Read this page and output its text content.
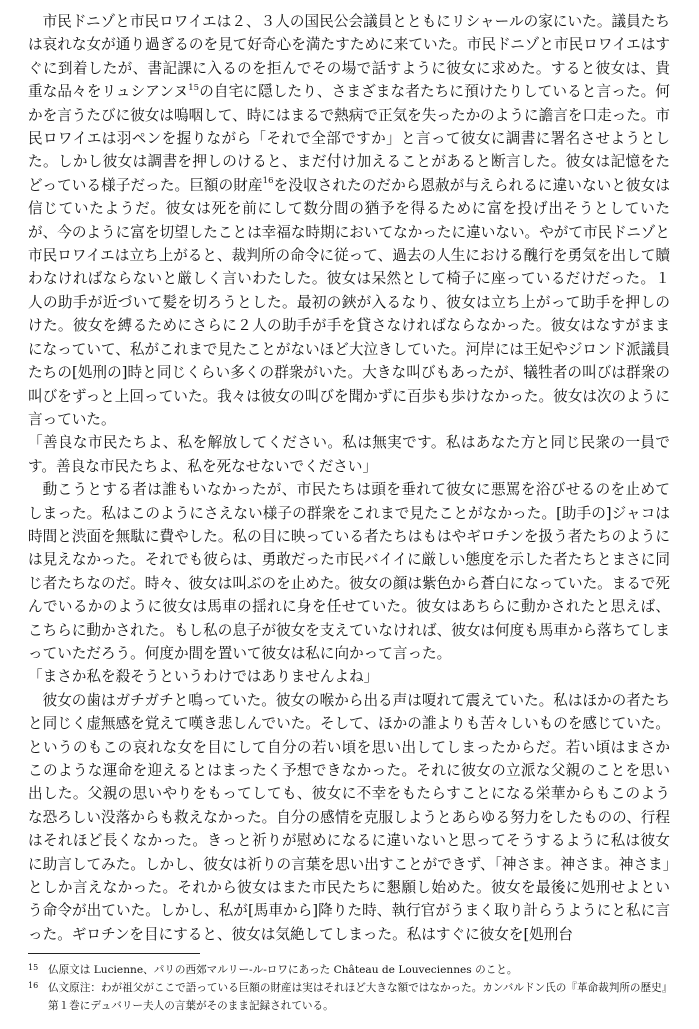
市民ドニゾと市民ロワイエは２、３人の国民公会議員とともにリシャールの家にいた。議員たちは哀れな女が通り過ぎるのを見て好奇心を満たすために来ていた。市民ドニゾと市民ロワイエはすぐに到着したが、書記課に入るのを拒んでその場で話すように彼女に求めた。すると彼女は、貴重な品々をリュシアンヌ$^{15}$の自宅に隠したり、さまざまな者たちに預けたりしていると言った。何かを言うたびに彼女は嗚咽して、時にはまるで熱病で正気を失ったかのように譫言を口走った。市民ロワイエは羽ペンを握りながら「それで全部ですか」と言って彼女に調書に署名させようとした。しかし彼女は調書を押しのけると、まだ付け加えることがあると断言した。彼女は記憶をたどっている様子だった。巨額の財産$^{16}$を没収されたのだから恩赦が与えられるに違いないと彼女は信じていたようだ。彼女は死を前にして数分間の猶予を得るために富を投げ出そうとしていたが、今のように富を切望したことは幸福な時期においてなかったに違いない。やがて市民ドニゾと市民ロワイエは立ち上がると、裁判所の命令に従って、過去の人生における醜行を勇気を出して贖わなければならないと厳しく言いわたした。彼女は呆然として椅子に座っているだけだった。１人の助手が近づいて髪を切ろうとした。最初の鋏が入るなり、彼女は立ち上がって助手を押しのけた。彼女を縛るためにさらに２人の助手が手を貸さなければならなかった。彼女はなすがままになっていて、私がこれまで見たことがないほど大泣きしていた。河岸には王妃やジロンド派議員たちの[処刑の]時と同じくらい多くの群衆がいた。大きな叫びもあったが、犠牲者の叫びは群衆の叫びをずっと上回っていた。我々は彼女の叫びを聞かずに百歩も歩けなかった。彼女は次のように言っていた。

「善良な市民たちよ、私を解放してください。私は無実です。私はあなた方と同じ民衆の一員です。善良な市民たちよ、私を死なせないでください」

動こうとする者は誰もいなかったが、市民たちは頭を垂れて彼女に悪罵を浴びせるのを止めてしまった。私はこのようにさえない様子の群衆をこれまで見たことがなかった。[助手の]ジャコは時間と渋面を無駄に費やした。私の目に映っている者たちはもはやギロチンを扱う者たちのようには見えなかった。それでも彼らは、勇敢だった市民バイイに厳しい態度を示した者たちとまさに同じ者たちなのだ。時々、彼女は叫ぶのを止めた。彼女の顔は紫色から蒼白になっていた。まるで死んでいるかのように彼女は馬車の揺れに身を任せていた。彼女はあちらに動かされたと思えば、こちらに動かされた。もし私の息子が彼女を支えていなければ、彼女は何度も馬車から落ちてしまっていただろう。何度か間を置いて彼女は私に向かって言った。

「まさか私を殺そうというわけではありませんよね」

彼女の歯はガチガチと鳴っていた。彼女の喉から出る声は嗄れて震えていた。私はほかの者たちと同じく虚無感を覚えて嘆き悲しんでいた。そして、ほかの誰よりも苦々しいものを感じていた。というのもこの哀れな女を目にして自分の若い頃を思い出してしまったからだ。若い頃はまさかこのような運命を迎えるとはまったく予想できなかった。それに彼女の立派な父親のことを思い出した。父親の思いやりをもってしても、彼女に不幸をもたらすことになる栄華からもこのような恐ろしい没落からも救えなかった。自分の感情を克服しようとあらゆる努力をしたものの、行程はそれほど長くなかった。きっと祈りが慰めになるに違いないと思ってそうするように私は彼女に助言してみた。しかし、彼女は祈りの言葉を思い出すことができず、「神さま。神さま。神さま」としか言えなかった。それから彼女はまた市民たちに懇願し始めた。彼女を最後に処刑せよという命令が出ていた。しかし、私が[馬車から]降りた時、執行官がうまく取り計らうようにと私に言った。ギロチンを目にすると、彼女は気絶してしまった。私はすぐに彼女を[処刑台

15 仏原文は Lucienne、パリの西郊マルリー-ル-ロワにあった Château de Louveciennes のこと。
16 仏文原注：わが祖父がここで語っている巨額の財産は実はそれほど大きな額ではなかった。カンバルドン氏の『革命裁判所の歴史』第１巻にデュバリー夫人の言葉がそのまま記録されている。
